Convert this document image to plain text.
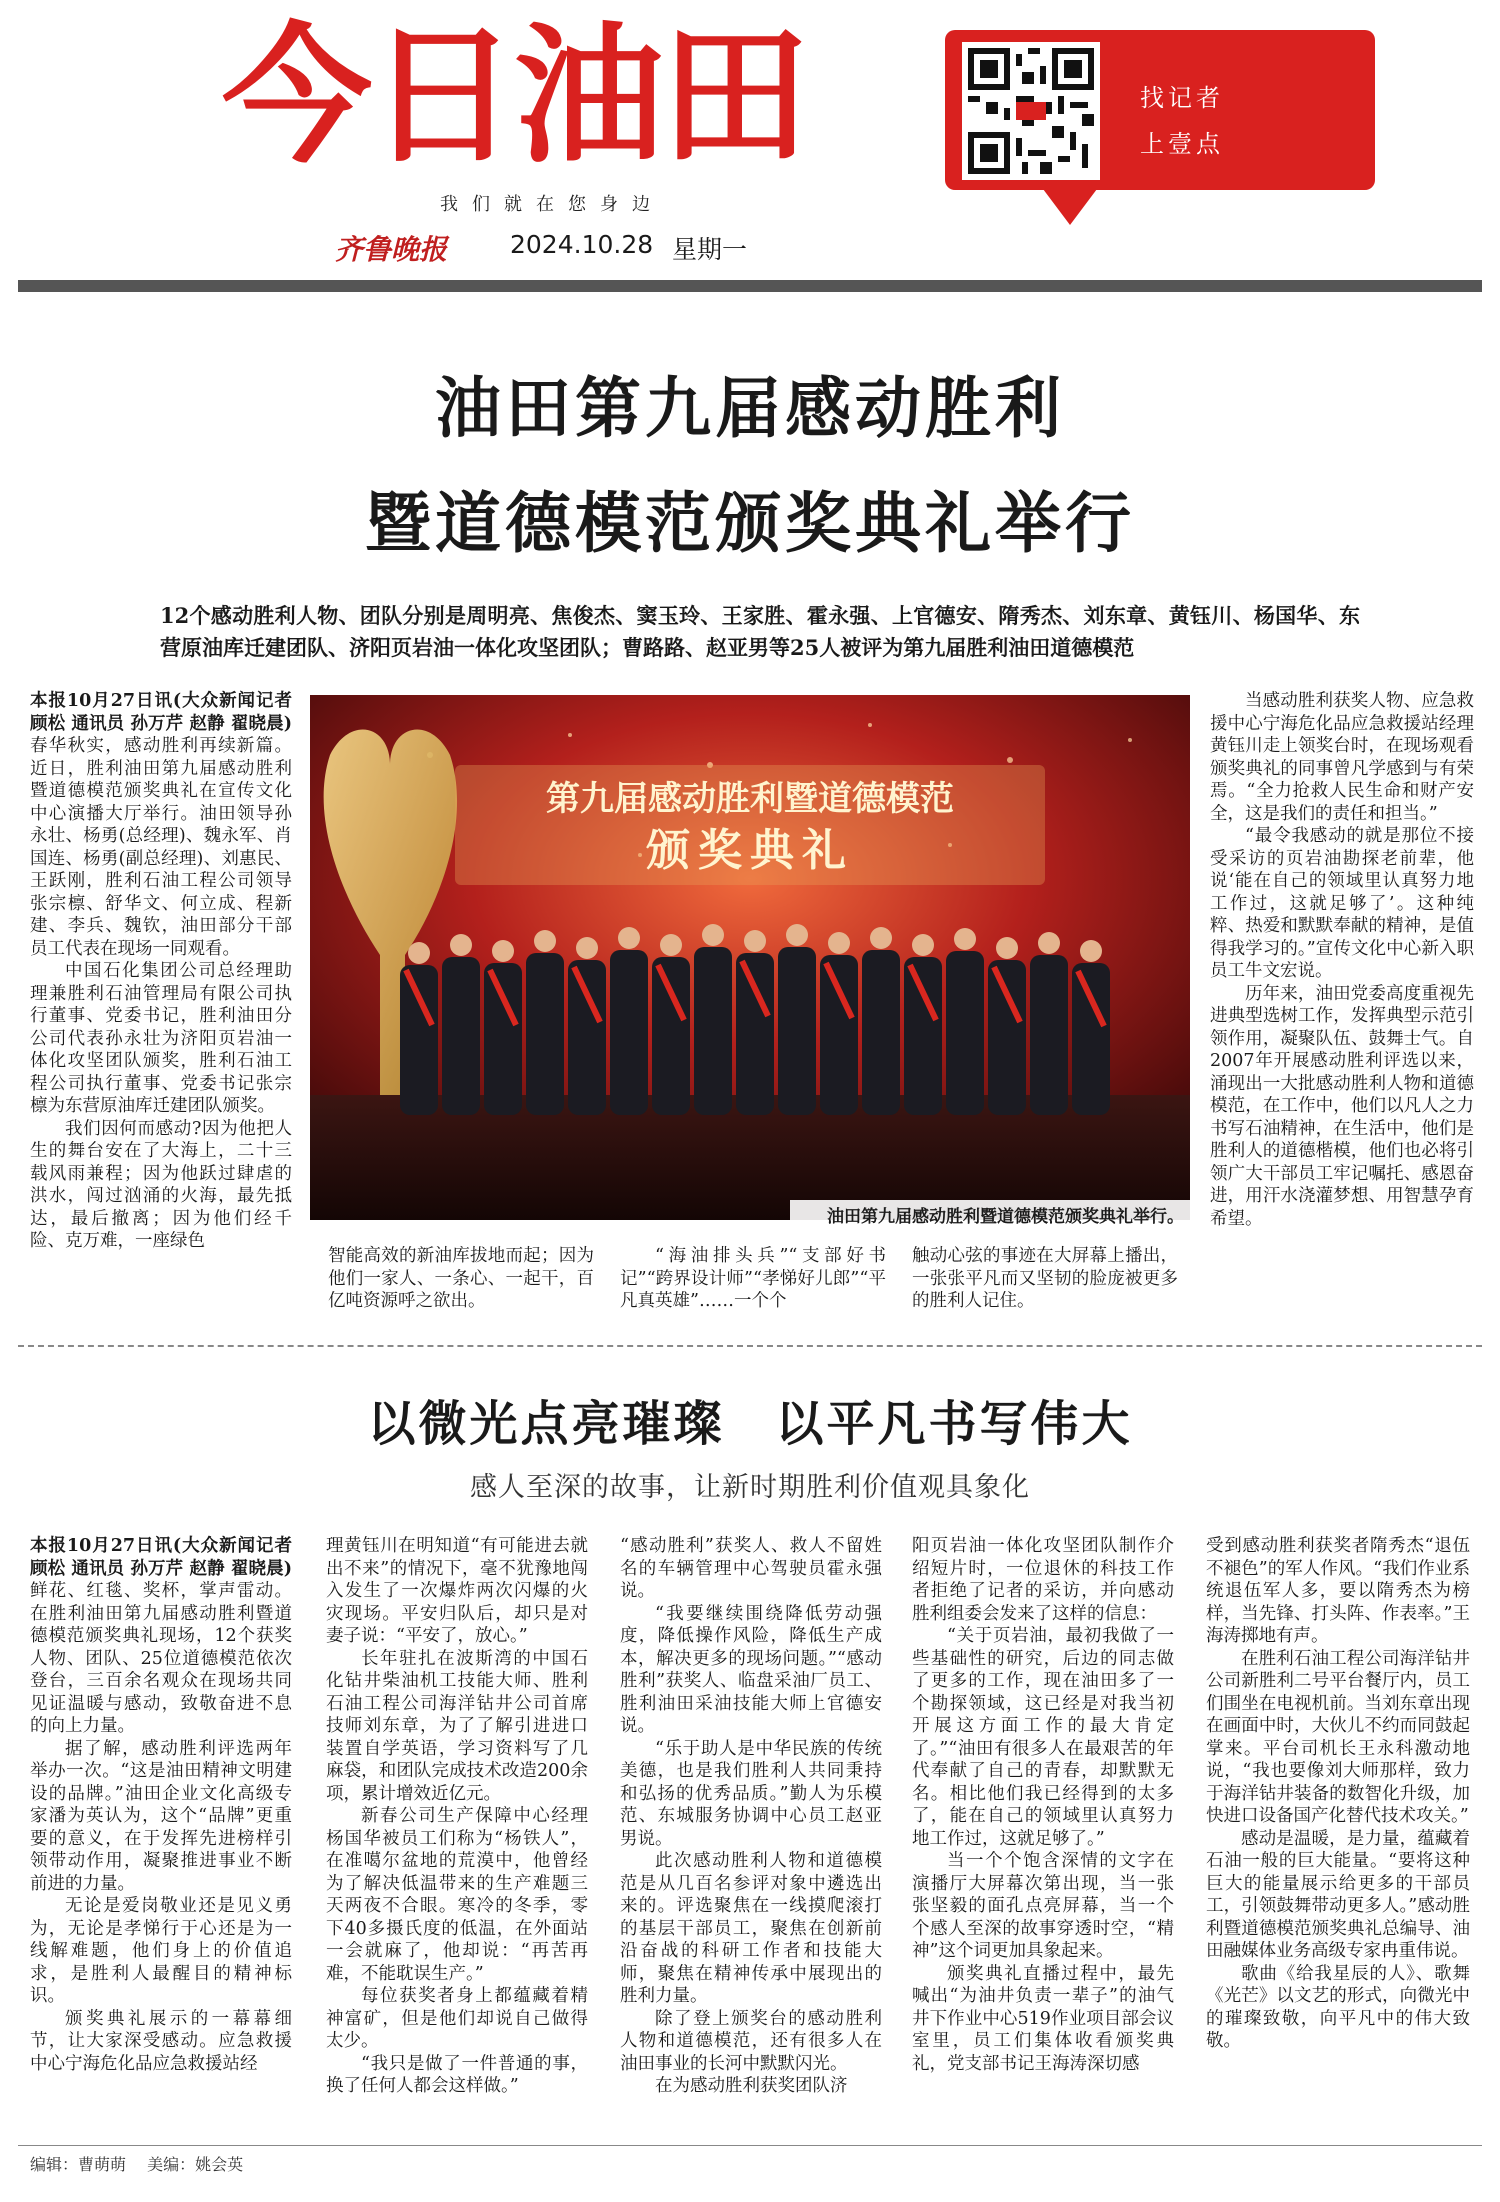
今日油田
我们就在您身边
齐鲁晚报	2024.10.28 星期一
找记者
上壹点
油田第九届感动胜利
暨道德模范颁奖典礼举行
12个感动胜利人物、团队分别是周明亮、焦俊杰、窦玉玲、王家胜、霍永强、上官德安、隋秀杰、刘东章、黄钰川、杨国华、东营原油库迁建团队、济阳页岩油一体化攻坚团队；曹路路、赵亚男等25人被评为第九届胜利油田道德模范

本报10月27日讯(大众新闻记者 顾松 通讯员 孙万芹 赵静 翟晓晨)春华秋实，感动胜利再续新篇。近日，胜利油田第九届感动胜利暨道德模范颁奖典礼在宣传文化中心演播大厅举行。油田领导孙永壮、杨勇(总经理)、魏永军、肖国连、杨勇(副总经理)、刘惠民、王跃刚，胜利石油工程公司领导张宗檩、舒华文、何立成、程新建、李兵、魏钦，油田部分干部员工代表在现场一同观看。

中国石化集团公司总经理助理兼胜利石油管理局有限公司执行董事、党委书记，胜利油田分公司代表孙永壮为济阳页岩油一体化攻坚团队颁奖，胜利石油工程公司执行董事、党委书记张宗檩为东营原油库迁建团队颁奖。

我们因何而感动?因为他把人生的舞台安在了大海上，二十三载风雨兼程；因为他跃过肆虐的洪水，闯过汹涌的火海，最先抵达，最后撤离；因为他们经千险、克万难，一座绿色

第九届感动胜利暨道德模范
颁奖典礼
油田第九届感动胜利暨道德模范颁奖典礼举行。

智能高效的新油库拔地而起；因为他们一家人、一条心、一起干，百亿吨资源呼之欲出。

“海油排头兵”“支部好书记”“跨界设计师”“孝悌好儿郎”“平凡真英雄”……一个个

触动心弦的事迹在大屏幕上播出，一张张平凡而又坚韧的脸庞被更多的胜利人记住。

当感动胜利获奖人物、应急救援中心宁海危化品应急救援站经理黄钰川走上领奖台时，在现场观看颁奖典礼的同事曾凡学感到与有荣焉。“全力抢救人民生命和财产安全，这是我们的责任和担当。”

“最令我感动的就是那位不接受采访的页岩油勘探老前辈，他说‘能在自己的领域里认真努力地工作过，这就足够了’。这种纯粹、热爱和默默奉献的精神，是值得我学习的。”宣传文化中心新入职员工牛文宏说。

历年来，油田党委高度重视先进典型选树工作，发挥典型示范引领作用，凝聚队伍、鼓舞士气。自2007年开展感动胜利评选以来，涌现出一大批感动胜利人物和道德模范，在工作中，他们以凡人之力书写石油精神，在生活中，他们是胜利人的道德楷模，他们也必将引领广大干部员工牢记嘱托、感恩奋进，用汗水浇灌梦想、用智慧孕育希望。

以微光点亮璀璨　以平凡书写伟大
感人至深的故事，让新时期胜利价值观具象化

本报10月27日讯(大众新闻记者 顾松 通讯员 孙万芹 赵静 翟晓晨)鲜花、红毯、奖杯，掌声雷动。在胜利油田第九届感动胜利暨道德模范颁奖典礼现场，12个获奖人物、团队、25位道德模范依次登台，三百余名观众在现场共同见证温暖与感动，致敬奋进不息的向上力量。

据了解，感动胜利评选两年举办一次。“这是油田精神文明建设的品牌。”油田企业文化高级专家潘为英认为，这个“品牌”更重要的意义，在于发挥先进榜样引领带动作用，凝聚推进事业不断前进的力量。

无论是爱岗敬业还是见义勇为，无论是孝悌行于心还是为一线解难题，他们身上的价值追求，是胜利人最醒目的精神标识。

颁奖典礼展示的一幕幕细节，让大家深受感动。应急救援中心宁海危化品应急救援站经

理黄钰川在明知道“有可能进去就出不来”的情况下，毫不犹豫地闯入发生了一次爆炸两次闪爆的火灾现场。平安归队后，却只是对妻子说：“平安了，放心。”

长年驻扎在波斯湾的中国石化钻井柴油机工技能大师、胜利石油工程公司海洋钻井公司首席技师刘东章，为了了解引进进口装置自学英语，学习资料写了几麻袋，和团队完成技术改造200余项，累计增效近亿元。

新春公司生产保障中心经理杨国华被员工们称为“杨铁人”，在准噶尔盆地的荒漠中，他曾经为了解决低温带来的生产难题三天两夜不合眼。寒冷的冬季，零下40多摄氏度的低温，在外面站一会就麻了，他却说：“再苦再难，不能耽误生产。”

每位获奖者身上都蕴藏着精神富矿，但是他们却说自己做得太少。

“我只是做了一件普通的事，换了任何人都会这样做。”

“感动胜利”获奖人、救人不留姓名的车辆管理中心驾驶员霍永强说。

“我要继续围绕降低劳动强度，降低操作风险，降低生产成本，解决更多的现场问题。”“感动胜利”获奖人、临盘采油厂员工、胜利油田采油技能大师上官德安说。

“乐于助人是中华民族的传统美德，也是我们胜利人共同秉持和弘扬的优秀品质。”勤人为乐模范、东城服务协调中心员工赵亚男说。

此次感动胜利人物和道德模范是从几百名参评对象中遴选出来的。评选聚焦在一线摸爬滚打的基层干部员工，聚焦在创新前沿奋战的科研工作者和技能大师，聚焦在精神传承中展现出的胜利力量。

除了登上颁奖台的感动胜利人物和道德模范，还有很多人在油田事业的长河中默默闪光。

在为感动胜利获奖团队济

阳页岩油一体化攻坚团队制作介绍短片时，一位退休的科技工作者拒绝了记者的采访，并向感动胜利组委会发来了这样的信息：

“关于页岩油，最初我做了一些基础性的研究，后边的同志做了更多的工作，现在油田多了一个勘探领域，这已经是对我当初开展这方面工作的最大肯定了。”“油田有很多人在最艰苦的年代奉献了自己的青春，却默默无名。相比他们我已经得到的太多了，能在自己的领域里认真努力地工作过，这就足够了。”

当一个个饱含深情的文字在演播厅大屏幕次第出现，当一张张坚毅的面孔点亮屏幕，当一个个感人至深的故事穿透时空，“精神”这个词更加具象起来。

颁奖典礼直播过程中，最先喊出“为油井负责一辈子”的油气井下作业中心519作业项目部会议室里，员工们集体收看颁奖典礼，党支部书记王海涛深切感

受到感动胜利获奖者隋秀杰“退伍不褪色”的军人作风。“我们作业系统退伍军人多，要以隋秀杰为榜样，当先锋、打头阵、作表率。”王海涛掷地有声。

在胜利石油工程公司海洋钻井公司新胜利二号平台餐厅内，员工们围坐在电视机前。当刘东章出现在画面中时，大伙儿不约而同鼓起掌来。平台司机长王永科激动地说，“我也要像刘大师那样，致力于海洋钻井装备的数智化升级，加快进口设备国产化替代技术攻关。”

感动是温暖，是力量，蕴藏着石油一般的巨大能量。“要将这种巨大的能量展示给更多的干部员工，引领鼓舞带动更多人。”感动胜利暨道德模范颁奖典礼总编导、油田融媒体业务高级专家冉重伟说。

歌曲《给我星辰的人》、歌舞《光芒》以文艺的形式，向微光中的璀璨致敬，向平凡中的伟大致敬。

编辑：曹萌萌 美编：姚会英
